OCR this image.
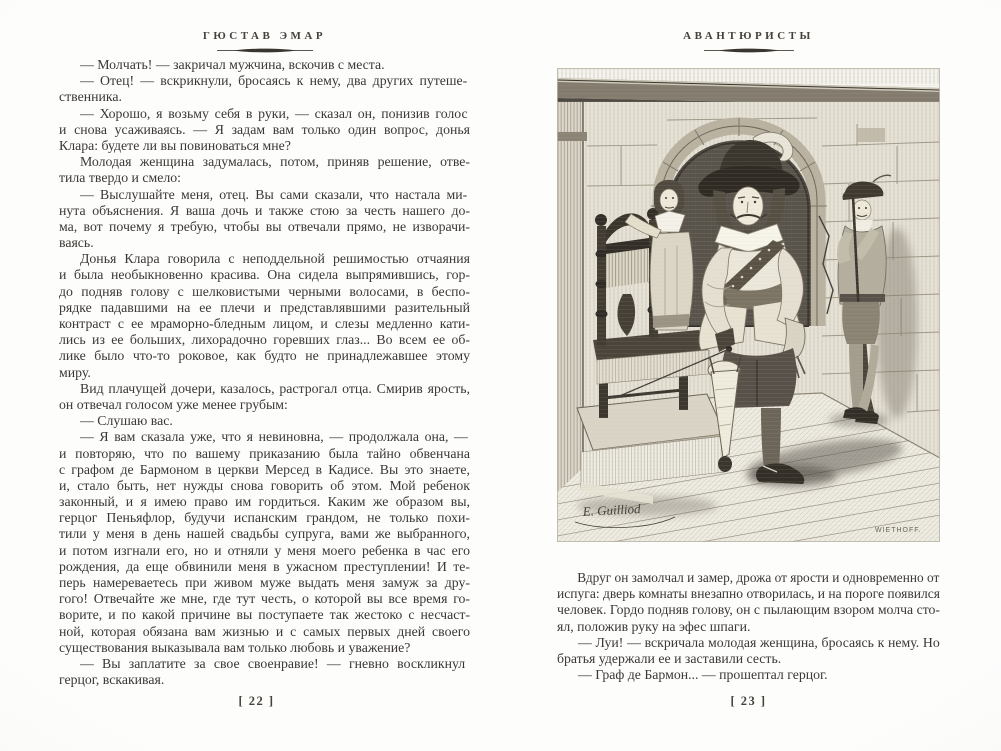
ГЮСТАВ ЭМАР
— Молчать! — закричал мужчина, вскочив с места.
— Отец! — вскрикнули, бросаясь к нему, два других путеше-
ственника.
— Хорошо, я возьму себя в руки, — сказал он, понизив голос
и снова усаживаясь. — Я задам вам только один вопрос, донья
Клара: будете ли вы повиноваться мне?
Молодая женщина задумалась, потом, приняв решение, отве-
тила твердо и смело:
— Выслушайте меня, отец. Вы сами сказали, что настала ми-
нута объяснения. Я ваша дочь и также стою за честь нашего до-
ма, вот почему я требую, чтобы вы отвечали прямо, не изворачи-
ваясь.
Донья Клара говорила с неподдельной решимостью отчаяния
и была необыкновенно красива. Она сидела выпрямившись, гор-
до подняв голову с шелковистыми черными волосами, в беспо-
рядке падавшими на ее плечи и представлявшими разительный
контраст с ее мраморно-бледным лицом, и слезы медленно кати-
лись из ее больших, лихорадочно горевших глаз... Во всем ее об-
лике было что-то роковое, как будто не принадлежавшее этому
миру.
Вид плачущей дочери, казалось, растрогал отца. Смирив ярость,
он отвечал голосом уже менее грубым:
— Слушаю вас.
— Я вам сказала уже, что я невиновна, — продолжала она, —
и повторяю, что по вашему приказанию была тайно обвенчана
с графом де Бармоном в церкви Мерсед в Кадисе. Вы это знаете,
и, стало быть, нет нужды снова говорить об этом. Мой ребенок
законный, и я имею право им гордиться. Каким же образом вы,
герцог Пеньяфлор, будучи испанским грандом, не только похи-
тили у меня в день нашей свадьбы супруга, вами же выбранного,
и потом изгнали его, но и отняли у меня моего ребенка в час его
рождения, да еще обвинили меня в ужасном преступлении! И те-
перь намереваетесь при живом муже выдать меня замуж за дру-
гого! Отвечайте же мне, где тут честь, о которой вы все время го-
ворите, и по какой причине вы поступаете так жестоко с несчаст-
ной, которая обязана вам жизнью и с самых первых дней своего
существования выказывала вам только любовь и уважение?
— Вы заплатите за свое своенравие! — гневно воскликнул
герцог, вскакивая.
[ 22 ]
АВАНТЮРИСТЫ
E. Guilliod
WIETHOFF.
Вдруг он замолчал и замер, дрожа от ярости и одновременно от
испуга: дверь комнаты внезапно отворилась, и на пороге появился
человек. Гордо подняв голову, он с пылающим взором молча сто-
ял, положив руку на эфес шпаги.
— Луи! — вскричала молодая женщина, бросаясь к нему. Но
братья удержали ее и заставили сесть.
— Граф де Бармон... — прошептал герцог.
[ 23 ]
